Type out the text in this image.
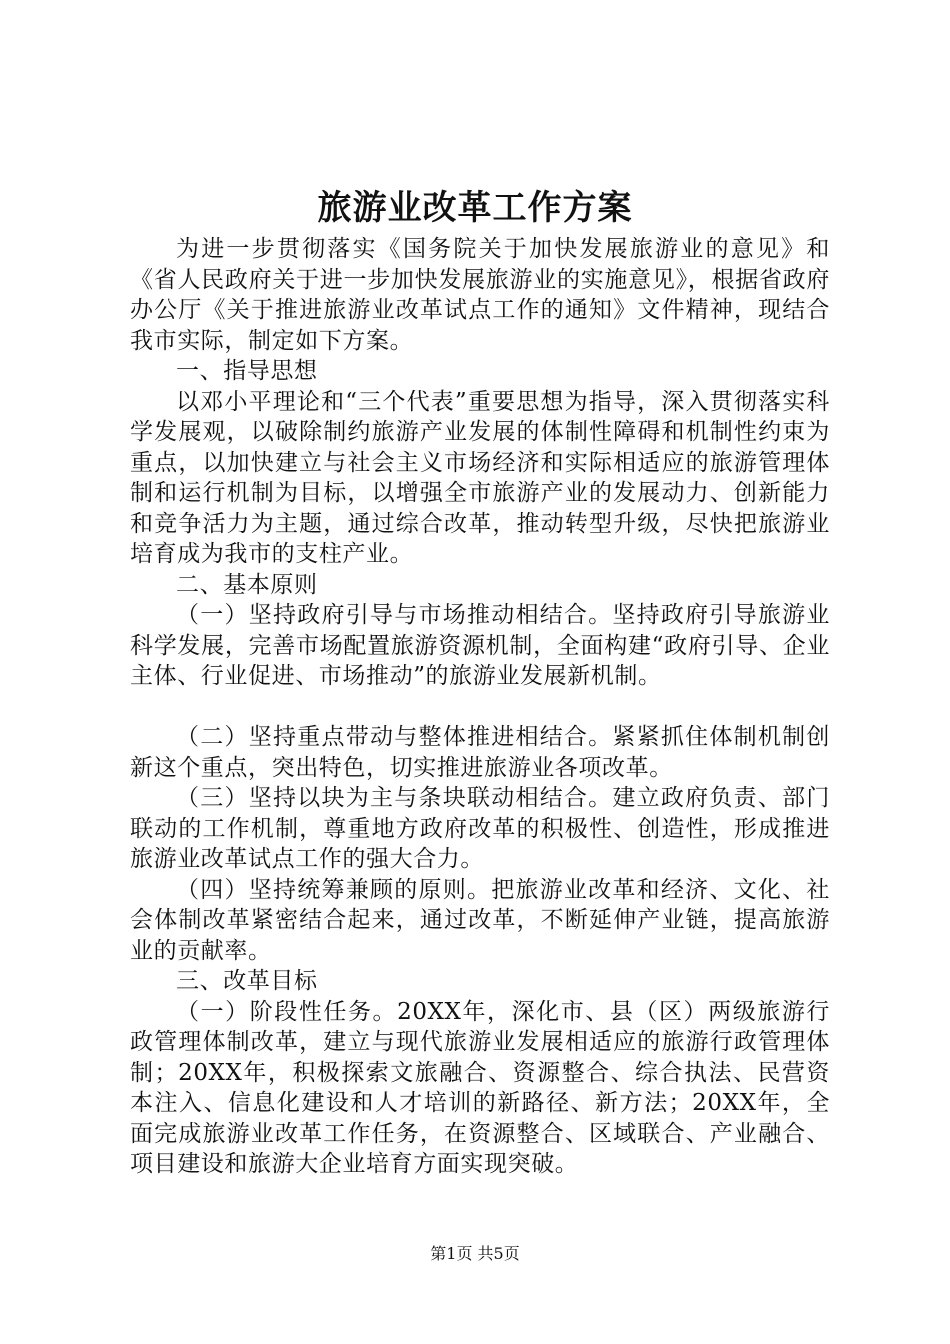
旅游业改革工作方案

为进一步贯彻落实《国务院关于加快发展旅游业的意见》和《省人民政府关于进一步加快发展旅游业的实施意见》，根据省政府办公厅《关于推进旅游业改革试点工作的通知》文件精神，现结合我市实际，制定如下方案。

一、指导思想

以邓小平理论和“三个代表”重要思想为指导，深入贯彻落实科学发展观，以破除制约旅游产业发展的体制性障碍和机制性约束为重点，以加快建立与社会主义市场经济和实际相适应的旅游管理体制和运行机制为目标，以增强全市旅游产业的发展动力、创新能力和竞争活力为主题，通过综合改革，推动转型升级，尽快把旅游业培育成为我市的支柱产业。

二、基本原则

（一）坚持政府引导与市场推动相结合。坚持政府引导旅游业科学发展，完善市场配置旅游资源机制，全面构建“政府引导、企业主体、行业促进、市场推动”的旅游业发展新机制。

（二）坚持重点带动与整体推进相结合。紧紧抓住体制机制创新这个重点，突出特色，切实推进旅游业各项改革。

（三）坚持以块为主与条块联动相结合。建立政府负责、部门联动的工作机制，尊重地方政府改革的积极性、创造性，形成推进旅游业改革试点工作的强大合力。

（四）坚持统筹兼顾的原则。把旅游业改革和经济、文化、社会体制改革紧密结合起来，通过改革，不断延伸产业链，提高旅游业的贡献率。

三、改革目标

（一）阶段性任务。20XX年，深化市、县（区）两级旅游行政管理体制改革，建立与现代旅游业发展相适应的旅游行政管理体制；20XX年，积极探索文旅融合、资源整合、综合执法、民营资本注入、信息化建设和人才培训的新路径、新方法；20XX年，全面完成旅游业改革工作任务，在资源整合、区域联合、产业融合、项目建设和旅游大企业培育方面实现突破。

第1页 共5页
